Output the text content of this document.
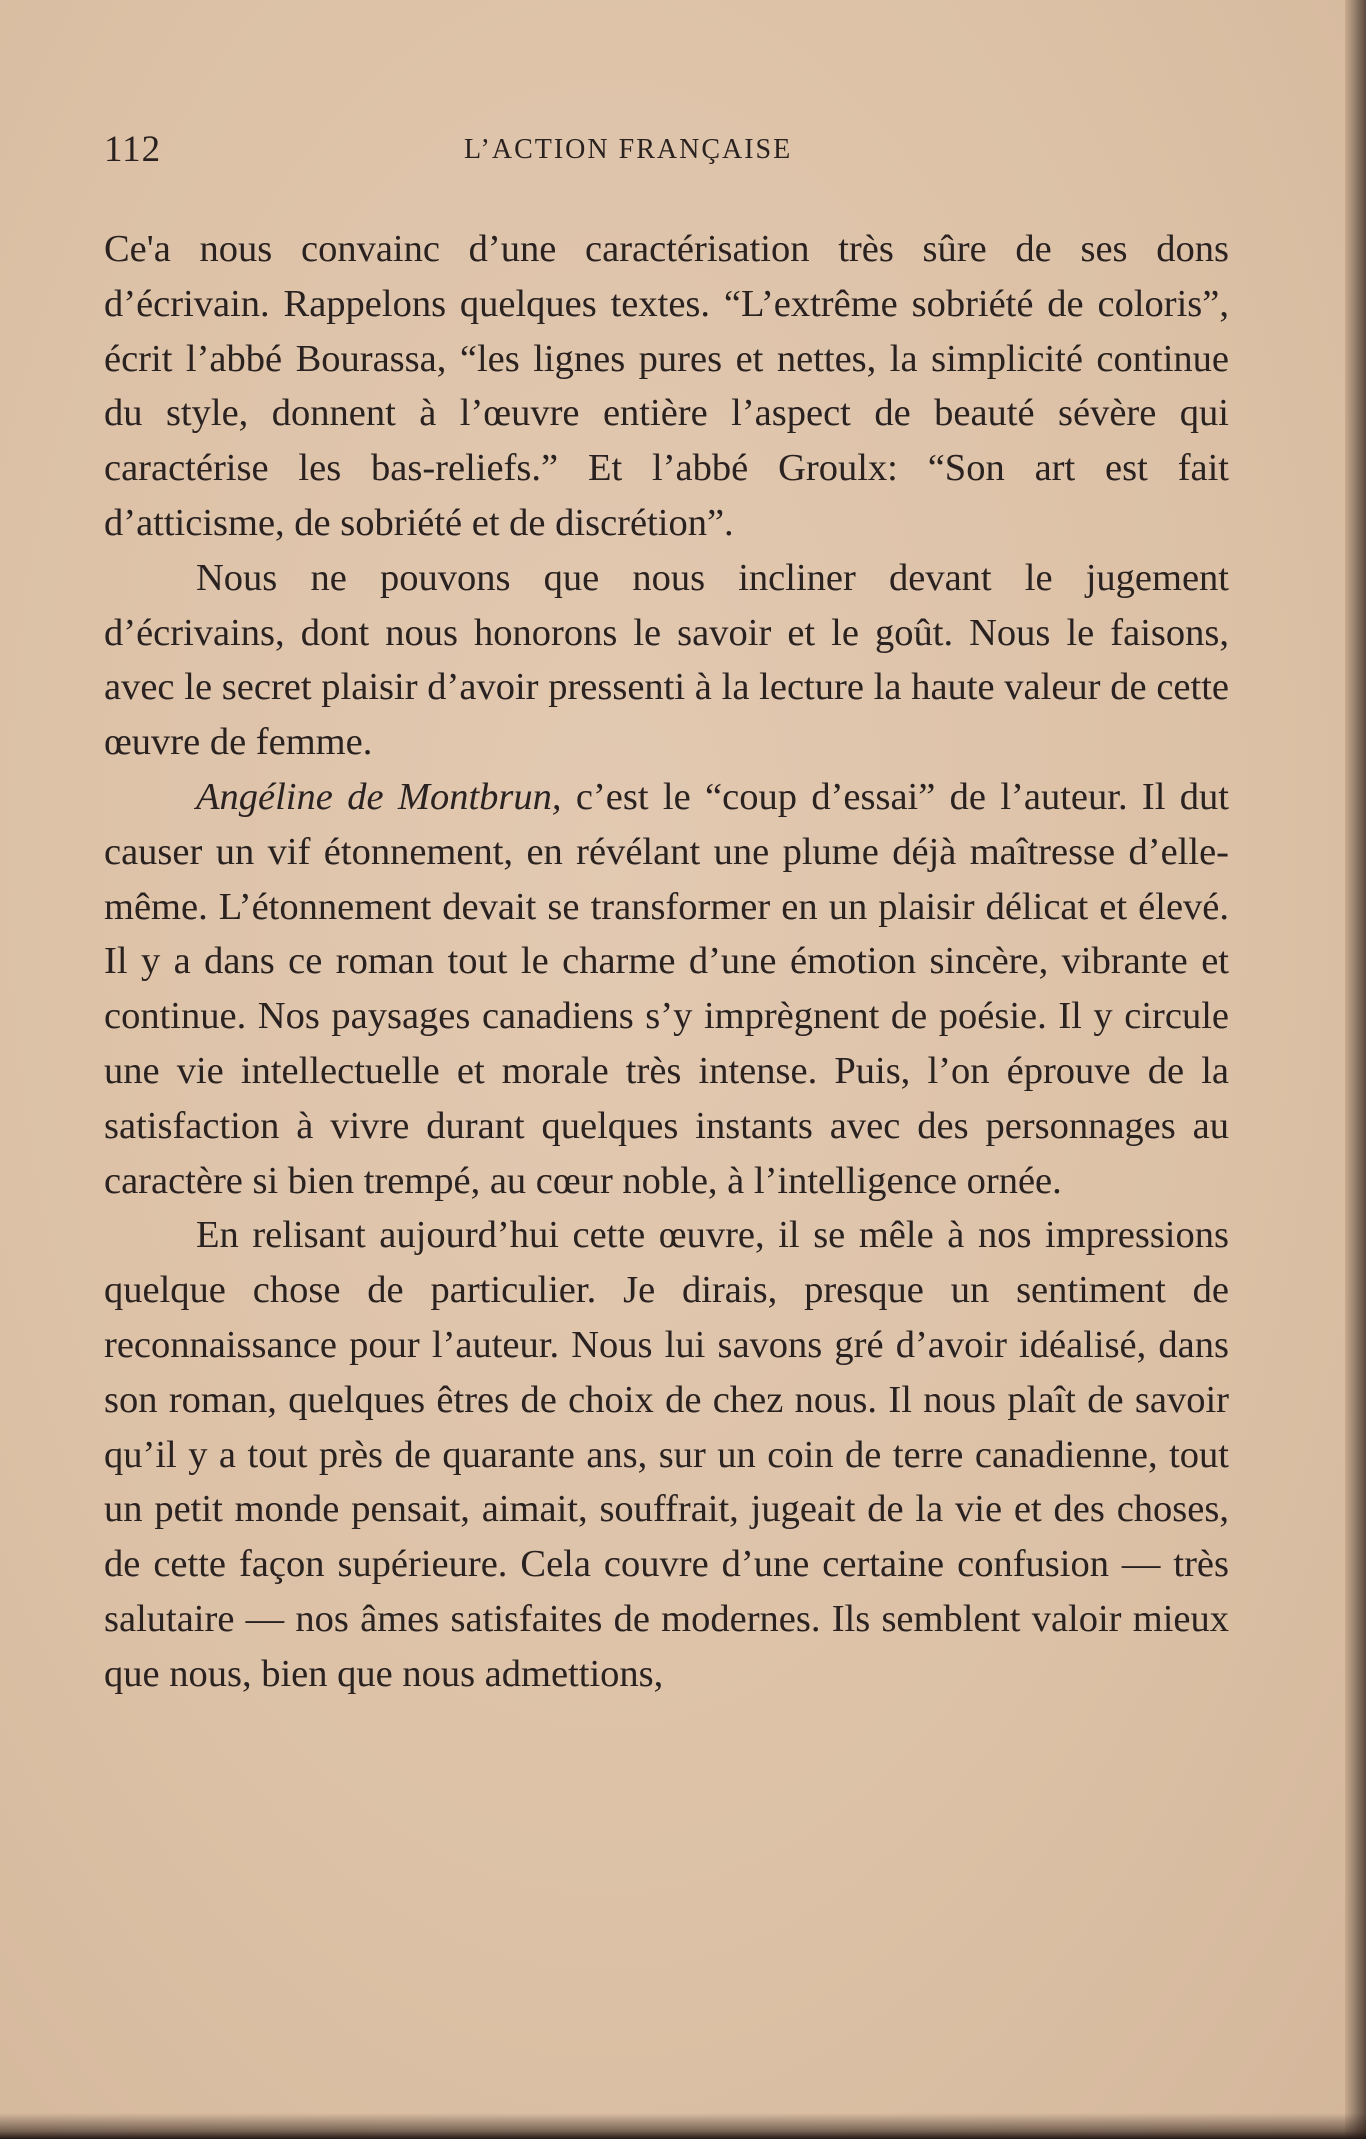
112	L’ACTION FRANÇAISE

Ce'a nous convainc d’une caractérisation très sûre de ses dons d’écrivain. Rappelons quelques textes. “L’extrême sobriété de coloris”, écrit l’abbé Bourassa, “les lignes pures et nettes, la simplicité continue du style, donnent à l’œuvre entière l’aspect de beauté sévère qui caractérise les bas-reliefs.” Et l’abbé Groulx: “Son art est fait d’atticisme, de sobriété et de discrétion”.

Nous ne pouvons que nous incliner devant le jugement d’écrivains, dont nous honorons le savoir et le goût. Nous le faisons, avec le secret plaisir d’avoir pressenti à la lecture la haute valeur de cette œuvre de femme.

Angéline de Montbrun, c’est le “coup d’essai” de l’auteur. Il dut causer un vif étonnement, en révélant une plume déjà maîtresse d’elle-même. L’étonnement devait se transformer en un plaisir délicat et élevé. Il y a dans ce roman tout le charme d’une émotion sincère, vibrante et continue. Nos paysages canadiens s’y imprègnent de poésie. Il y circule une vie intellectuelle et morale très intense. Puis, l’on éprouve de la satisfaction à vivre durant quelques instants avec des personnages au caractère si bien trempé, au cœur noble, à l’intelligence ornée.

En relisant aujourd’hui cette œuvre, il se mêle à nos impressions quelque chose de particulier. Je dirais, presque un sentiment de reconnaissance pour l’auteur. Nous lui savons gré d’avoir idéalisé, dans son roman, quelques êtres de choix de chez nous. Il nous plaît de savoir qu’il y a tout près de quarante ans, sur un coin de terre canadienne, tout un petit monde pensait, aimait, souffrait, jugeait de la vie et des choses, de cette façon supérieure. Cela couvre d’une certaine confusion — très salutaire — nos âmes satisfaites de modernes. Ils semblent valoir mieux que nous, bien que nous admettions,
